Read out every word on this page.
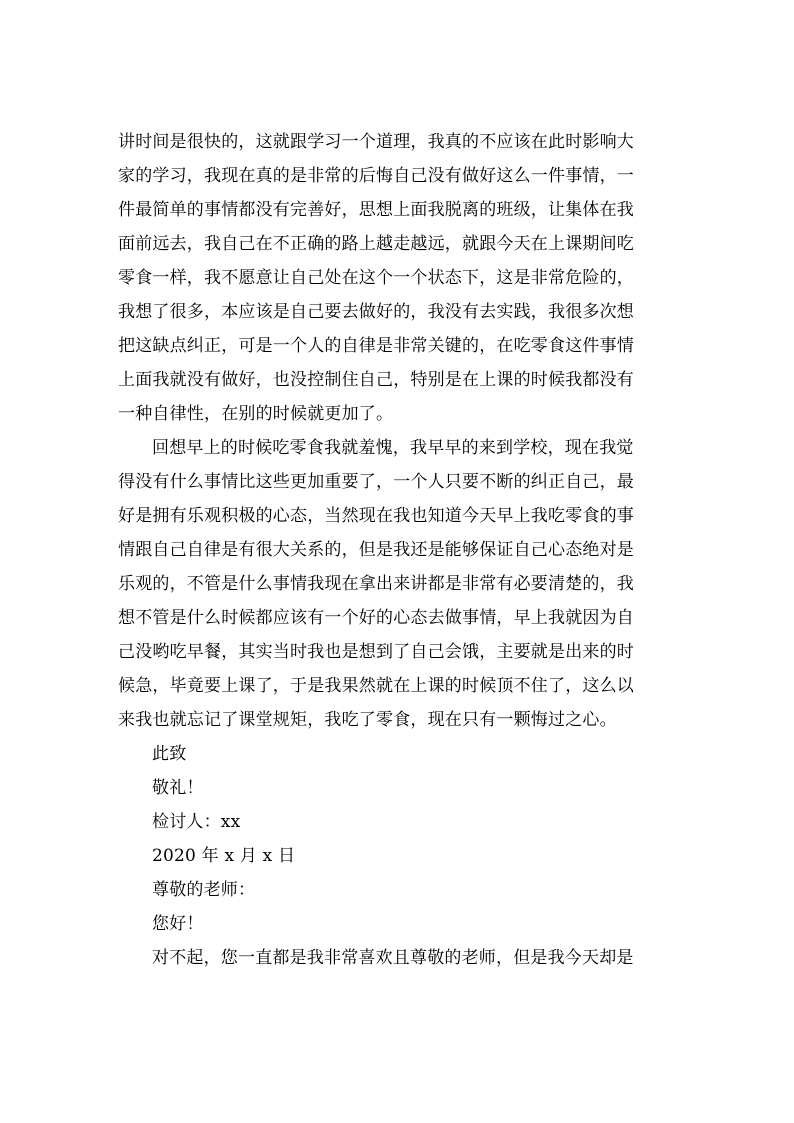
讲时间是很快的，这就跟学习一个道理，我真的不应该在此时影响大
家的学习，我现在真的是非常的后悔自己没有做好这么一件事情，一
件最简单的事情都没有完善好，思想上面我脱离的班级，让集体在我
面前远去，我自己在不正确的路上越走越远，就跟今天在上课期间吃
零食一样，我不愿意让自己处在这个一个状态下，这是非常危险的，
我想了很多，本应该是自己要去做好的，我没有去实践，我很多次想
把这缺点纠正，可是一个人的自律是非常关键的，在吃零食这件事情
上面我就没有做好，也没控制住自己，特别是在上课的时候我都没有
一种自律性，在别的时候就更加了。
回想早上的时候吃零食我就羞愧，我早早的来到学校，现在我觉
得没有什么事情比这些更加重要了，一个人只要不断的纠正自己，最
好是拥有乐观积极的心态，当然现在我也知道今天早上我吃零食的事
情跟自己自律是有很大关系的，但是我还是能够保证自己心态绝对是
乐观的，不管是什么事情我现在拿出来讲都是非常有必要清楚的，我
想不管是什么时候都应该有一个好的心态去做事情，早上我就因为自
己没哟吃早餐，其实当时我也是想到了自己会饿，主要就是出来的时
候急，毕竟要上课了，于是我果然就在上课的时候顶不住了，这么以
来我也就忘记了课堂规矩，我吃了零食，现在只有一颗悔过之心。
此致
敬礼！
检讨人：xx
2020 年 x 月 x 日
尊敬的老师：
您好！
对不起，您一直都是我非常喜欢且尊敬的老师，但是我今天却是
